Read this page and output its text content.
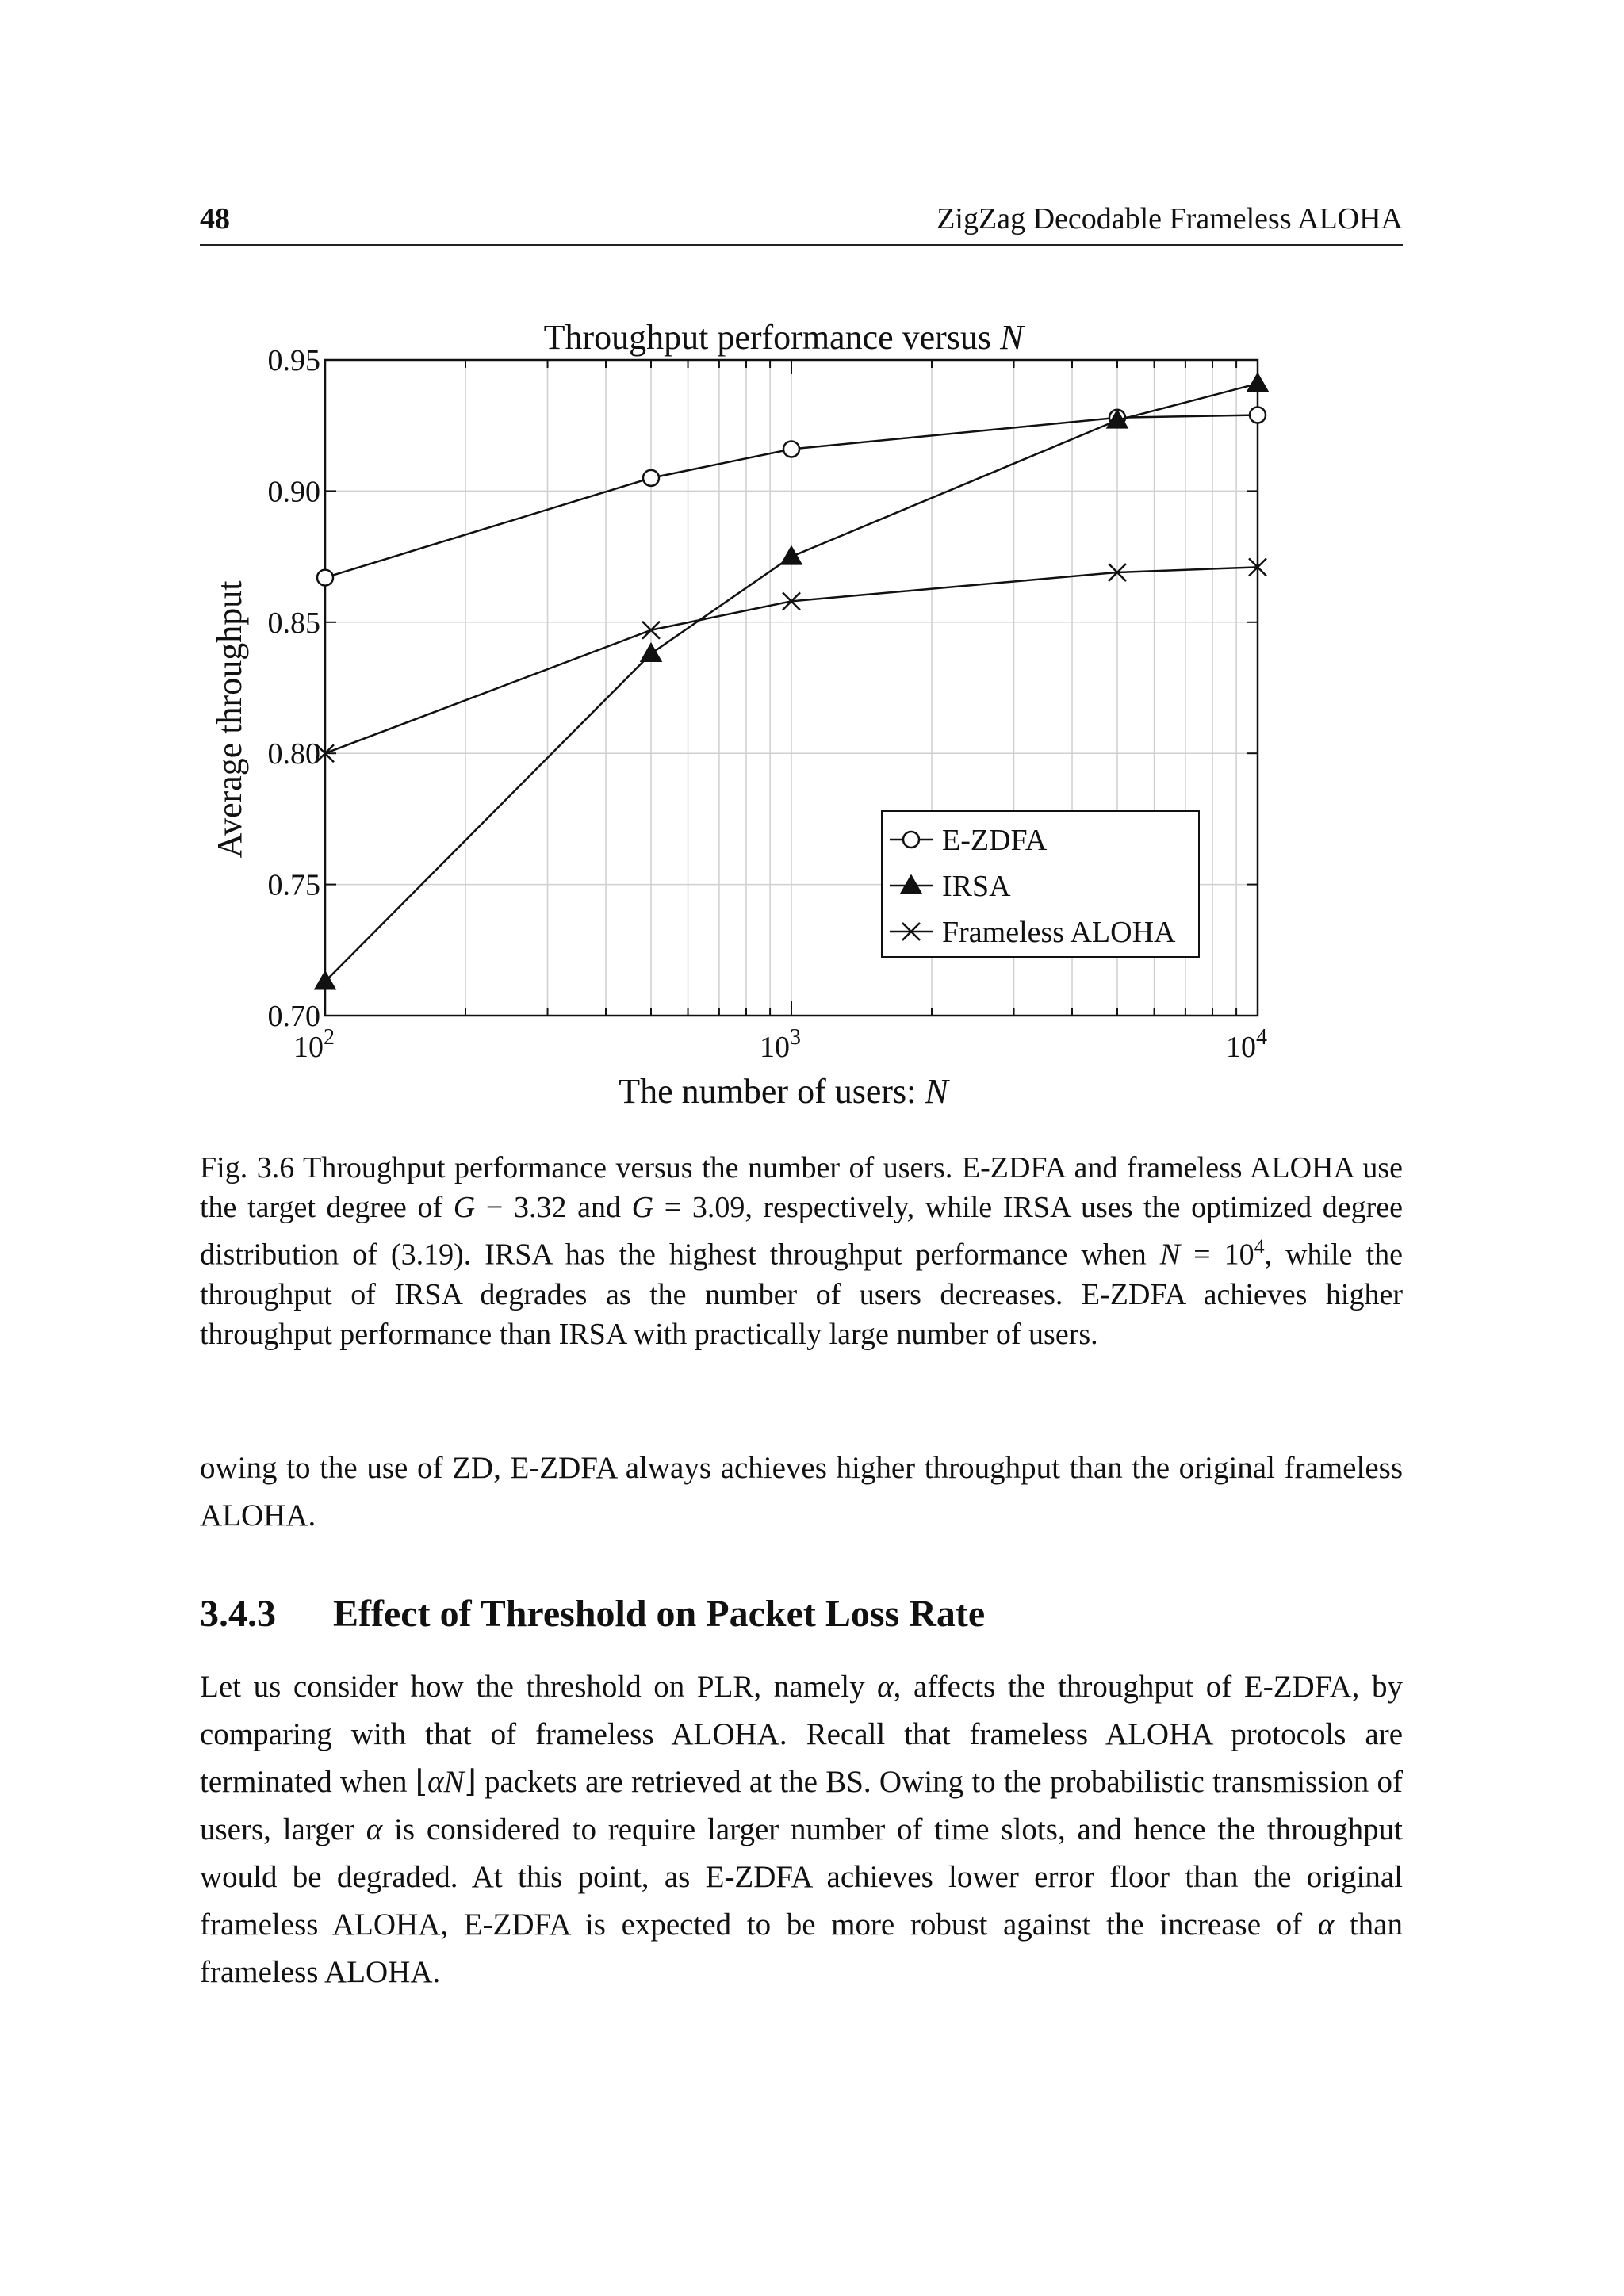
48	ZigZag Decodable Frameless ALOHA
0.70
0.75
0.80
0.85
0.90
0.95
$10^2$	$10^3$	$10^4$
Throughput performance versus N
The number of users: N
Average throughput	E-ZDFA
IRSA
Frameless ALOHA
Fig. 3.6 Throughput performance versus the number of users. E-ZDFA and frameless ALOHA use the target degree of G − 3.32 and G = 3.09, respectively, while IRSA uses the optimized degree distribution of (3.19). IRSA has the highest throughput performance when $N = 10^4$, while the throughput of IRSA degrades as the number of users decreases. E-ZDFA achieves higher throughput performance than IRSA with practically large number of users.
owing to the use of ZD, E-ZDFA always achieves higher throughput than the original frameless ALOHA.
3.4.3 Effect of Threshold on Packet Loss Rate
Let us consider how the threshold on PLR, namely α, affects the throughput of E-ZDFA, by comparing with that of frameless ALOHA. Recall that frameless ALOHA protocols are terminated when ⌊αN⌋ packets are retrieved at the BS. Owing to the probabilistic transmission of users, larger α is considered to require larger number of time slots, and hence the throughput would be degraded. At this point, as E-ZDFA achieves lower error floor than the original frameless ALOHA, E-ZDFA is expected to be more robust against the increase of α than frameless ALOHA.
